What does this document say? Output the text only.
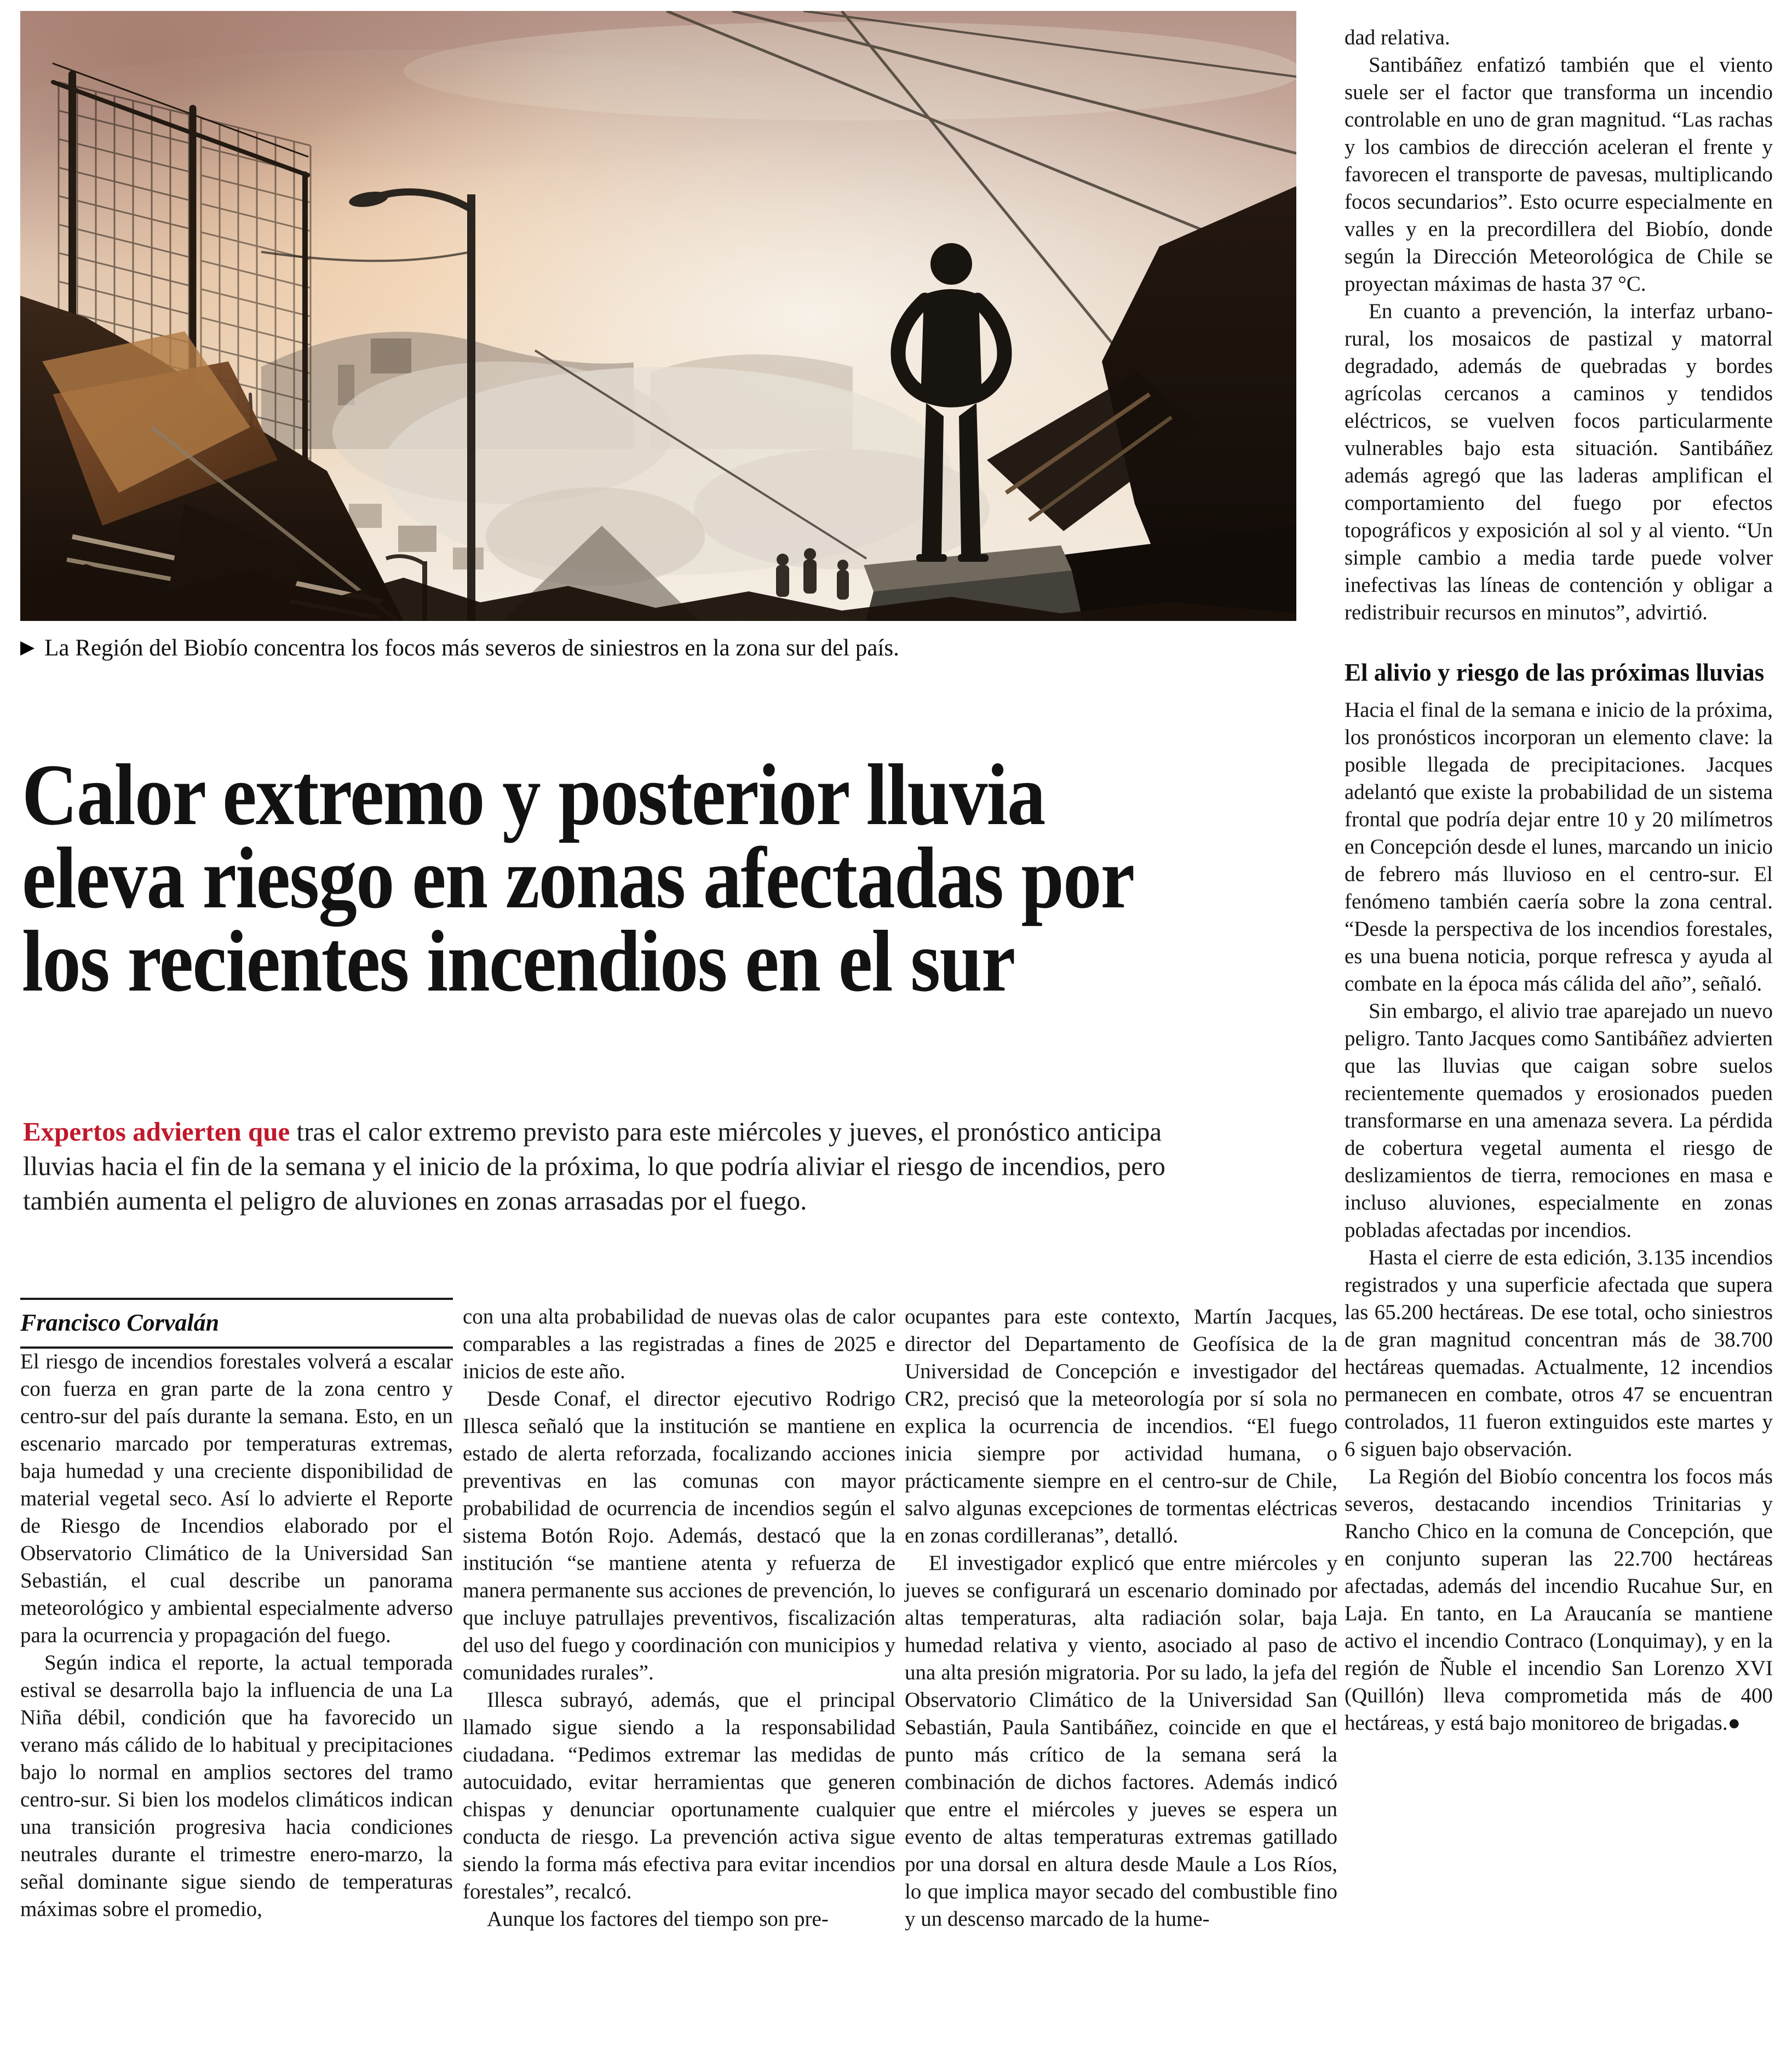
▶ La Región del Biobío concentra los focos más severos de siniestros en la zona sur del país.
Calor extremo y posterior lluvia eleva riesgo en zonas afectadas por los recientes incendios en el sur

Expertos advierten que tras el calor extremo previsto para este miércoles y jueves, el pronóstico anticipa lluvias hacia el fin de la semana y el inicio de la próxima, lo que podría aliviar el riesgo de incendios, pero también aumenta el peligro de aluviones en zonas arrasadas por el fuego.

Francisco Corvalán

El riesgo de incendios forestales volverá a escalar con fuerza en gran parte de la zona centro y centro-sur del país durante la semana. Esto, en un escenario marcado por temperaturas extremas, baja humedad y una creciente disponibilidad de material vegetal seco. Así lo advierte el Reporte de Riesgo de Incendios elaborado por el Observatorio Climático de la Universidad San Sebastián, el cual describe un panorama meteorológico y ambiental especialmente adverso para la ocurrencia y propagación del fuego.

Según indica el reporte, la actual temporada estival se desarrolla bajo la influencia de una La Niña débil, condición que ha favorecido un verano más cálido de lo habitual y precipitaciones bajo lo normal en amplios sectores del tramo centro-sur. Si bien los modelos climáticos indican una transición progresiva hacia condiciones neutrales durante el trimestre enero-marzo, la señal dominante sigue siendo de temperaturas máximas sobre el promedio,

con una alta probabilidad de nuevas olas de calor comparables a las registradas a fines de 2025 e inicios de este año.

Desde Conaf, el director ejecutivo Rodrigo Illesca señaló que la institución se mantiene en estado de alerta reforzada, focalizando acciones preventivas en las comunas con mayor probabilidad de ocurrencia de incendios según el sistema Botón Rojo. Además, destacó que la institución “se mantiene atenta y refuerza de manera permanente sus acciones de prevención, lo que incluye patrullajes preventivos, fiscalización del uso del fuego y coordinación con municipios y comunidades rurales”.

Illesca subrayó, además, que el principal llamado sigue siendo a la responsabilidad ciudadana. “Pedimos extremar las medidas de autocuidado, evitar herramientas que generen chispas y denunciar oportunamente cualquier conducta de riesgo. La prevención activa sigue siendo la forma más efectiva para evitar incendios forestales”, recalcó.

Aunque los factores del tiempo son pre-

ocupantes para este contexto, Martín Jacques, director del Departamento de Geofísica de la Universidad de Concepción e investigador del CR2, precisó que la meteorología por sí sola no explica la ocurrencia de incendios. “El fuego inicia siempre por actividad humana, o prácticamente siempre en el centro-sur de Chile, salvo algunas excepciones de tormentas eléctricas en zonas cordilleranas”, detalló.

El investigador explicó que entre miércoles y jueves se configurará un escenario dominado por altas temperaturas, alta radiación solar, baja humedad relativa y viento, asociado al paso de una alta presión migratoria. Por su lado, la jefa del Observatorio Climático de la Universidad San Sebastián, Paula Santibáñez, coincide en que el punto más crítico de la semana será la combinación de dichos factores. Además indicó que entre el miércoles y jueves se espera un evento de altas temperaturas extremas gatillado por una dorsal en altura desde Maule a Los Ríos, lo que implica mayor secado del combustible fino y un descenso marcado de la hume-

dad relativa.

Santibáñez enfatizó también que el viento suele ser el factor que transforma un incendio controlable en uno de gran magnitud. “Las rachas y los cambios de dirección aceleran el frente y favorecen el transporte de pavesas, multiplicando focos secundarios”. Esto ocurre especialmente en valles y en la precordillera del Biobío, donde según la Dirección Meteorológica de Chile se proyectan máximas de hasta 37 °C.

En cuanto a prevención, la interfaz urbano-rural, los mosaicos de pastizal y matorral degradado, además de quebradas y bordes agrícolas cercanos a caminos y tendidos eléctricos, se vuelven focos particularmente vulnerables bajo esta situación. Santibáñez además agregó que las laderas amplifican el comportamiento del fuego por efectos topográficos y exposición al sol y al viento. “Un simple cambio a media tarde puede volver inefectivas las líneas de contención y obligar a redistribuir recursos en minutos”, advirtió.

El alivio y riesgo de las próximas lluvias

Hacia el final de la semana e inicio de la próxima, los pronósticos incorporan un elemento clave: la posible llegada de precipitaciones. Jacques adelantó que existe la probabilidad de un sistema frontal que podría dejar entre 10 y 20 milímetros en Concepción desde el lunes, marcando un inicio de febrero más lluvioso en el centro-sur. El fenómeno también caería sobre la zona central. “Desde la perspectiva de los incendios forestales, es una buena noticia, porque refresca y ayuda al combate en la época más cálida del año”, señaló.

Sin embargo, el alivio trae aparejado un nuevo peligro. Tanto Jacques como Santibáñez advierten que las lluvias que caigan sobre suelos recientemente quemados y erosionados pueden transformarse en una amenaza severa. La pérdida de cobertura vegetal aumenta el riesgo de deslizamientos de tierra, remociones en masa e incluso aluviones, especialmente en zonas pobladas afectadas por incendios.

Hasta el cierre de esta edición, 3.135 incendios registrados y una superficie afectada que supera las 65.200 hectáreas. De ese total, ocho siniestros de gran magnitud concentran más de 38.700 hectáreas quemadas. Actualmente, 12 incendios permanecen en combate, otros 47 se encuentran controlados, 11 fueron extinguidos este martes y 6 siguen bajo observación.

La Región del Biobío concentra los focos más severos, destacando incendios Trinitarias y Rancho Chico en la comuna de Concepción, que en conjunto superan las 22.700 hectáreas afectadas, además del incendio Rucahue Sur, en Laja. En tanto, en La Araucanía se mantiene activo el incendio Contraco (Lonquimay), y en la región de Ñuble el incendio San Lorenzo XVI (Quillón) lleva comprometida más de 400 hectáreas, y está bajo monitoreo de brigadas.●
